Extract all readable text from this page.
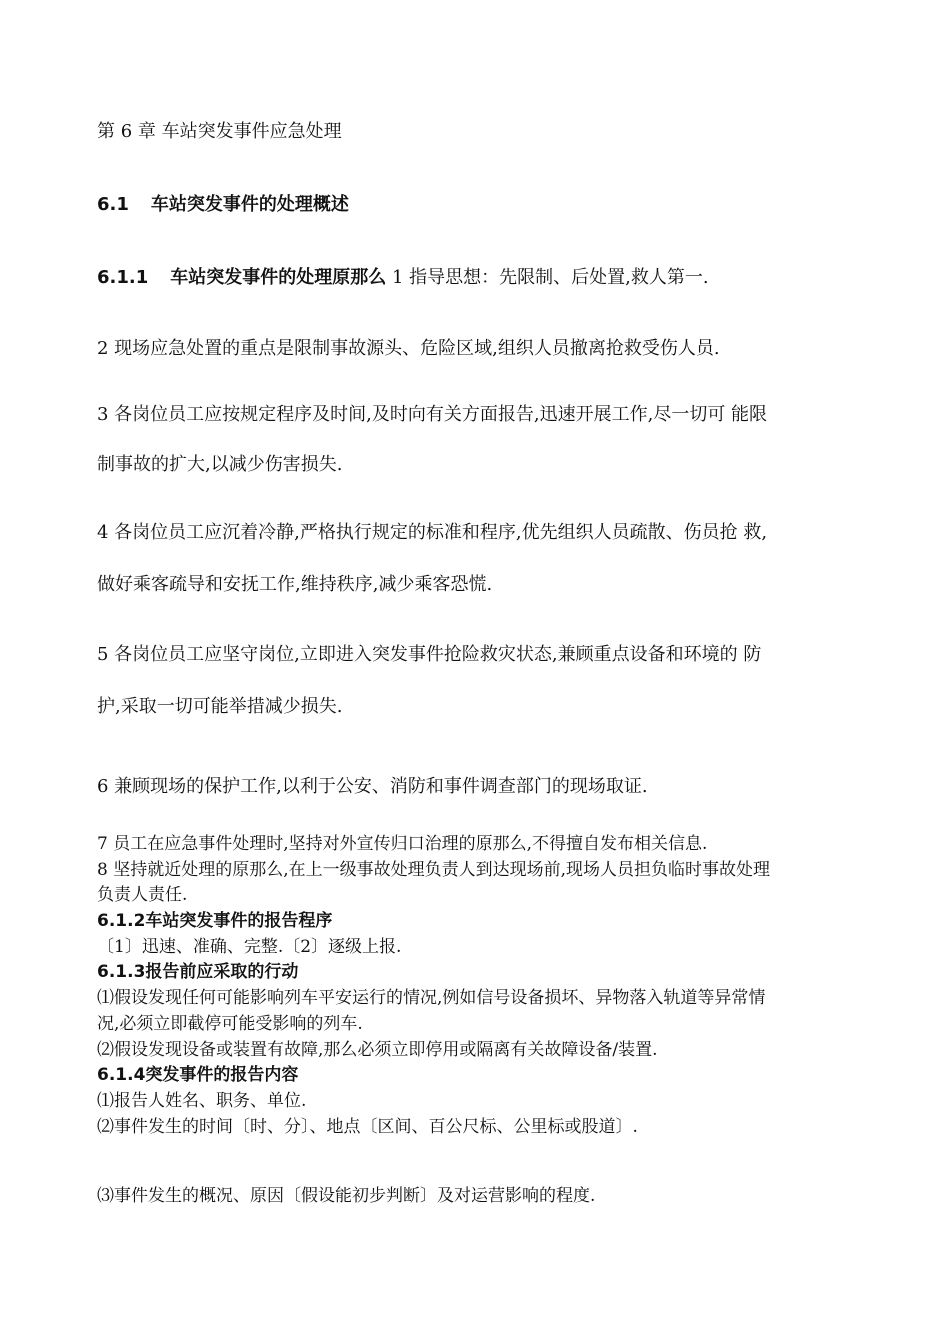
第 6 章 车站突发事件应急处理
6.1 车站突发事件的处理概述
6.1.1 车站突发事件的处理原那么 1 指导思想：先限制、后处置,救人第一.
2 现场应急处置的重点是限制事故源头、危险区域,组织人员撤离抢救受伤人员.
3 各岗位员工应按规定程序及时间,及时向有关方面报告,迅速开展工作,尽一切可 能限
制事故的扩大,以减少伤害损失.
4 各岗位员工应沉着冷静,严格执行规定的标准和程序,优先组织人员疏散、伤员抢 救,
做好乘客疏导和安抚工作,维持秩序,减少乘客恐慌.
5 各岗位员工应坚守岗位,立即进入突发事件抢险救灾状态,兼顾重点设备和环境的 防
护,采取一切可能举措减少损失.
6 兼顾现场的保护工作,以利于公安、消防和事件调查部门的现场取证.
7 员工在应急事件处理时,坚持对外宣传归口治理的原那么,不得擅自发布相关信息.
8 坚持就近处理的原那么,在上一级事故处理负责人到达现场前,现场人员担负临时事故处理
负责人责任.
6.1.2车站突发事件的报告程序
〔1〕迅速、准确、完整.〔2〕逐级上报.
6.1.3报告前应采取的行动
⑴假设发现任何可能影响列车平安运行的情况,例如信号设备损坏、异物落入轨道等异常情
况,必须立即截停可能受影响的列车.
⑵假设发现设备或装置有故障,那么必须立即停用或隔离有关故障设备/装置.
6.1.4突发事件的报告内容
⑴报告人姓名、职务、单位.
⑵事件发生的时间〔时、分〕、地点〔区间、百公尺标、公里标或股道〕.
⑶事件发生的概况、原因〔假设能初步判断〕及对运营影响的程度.
